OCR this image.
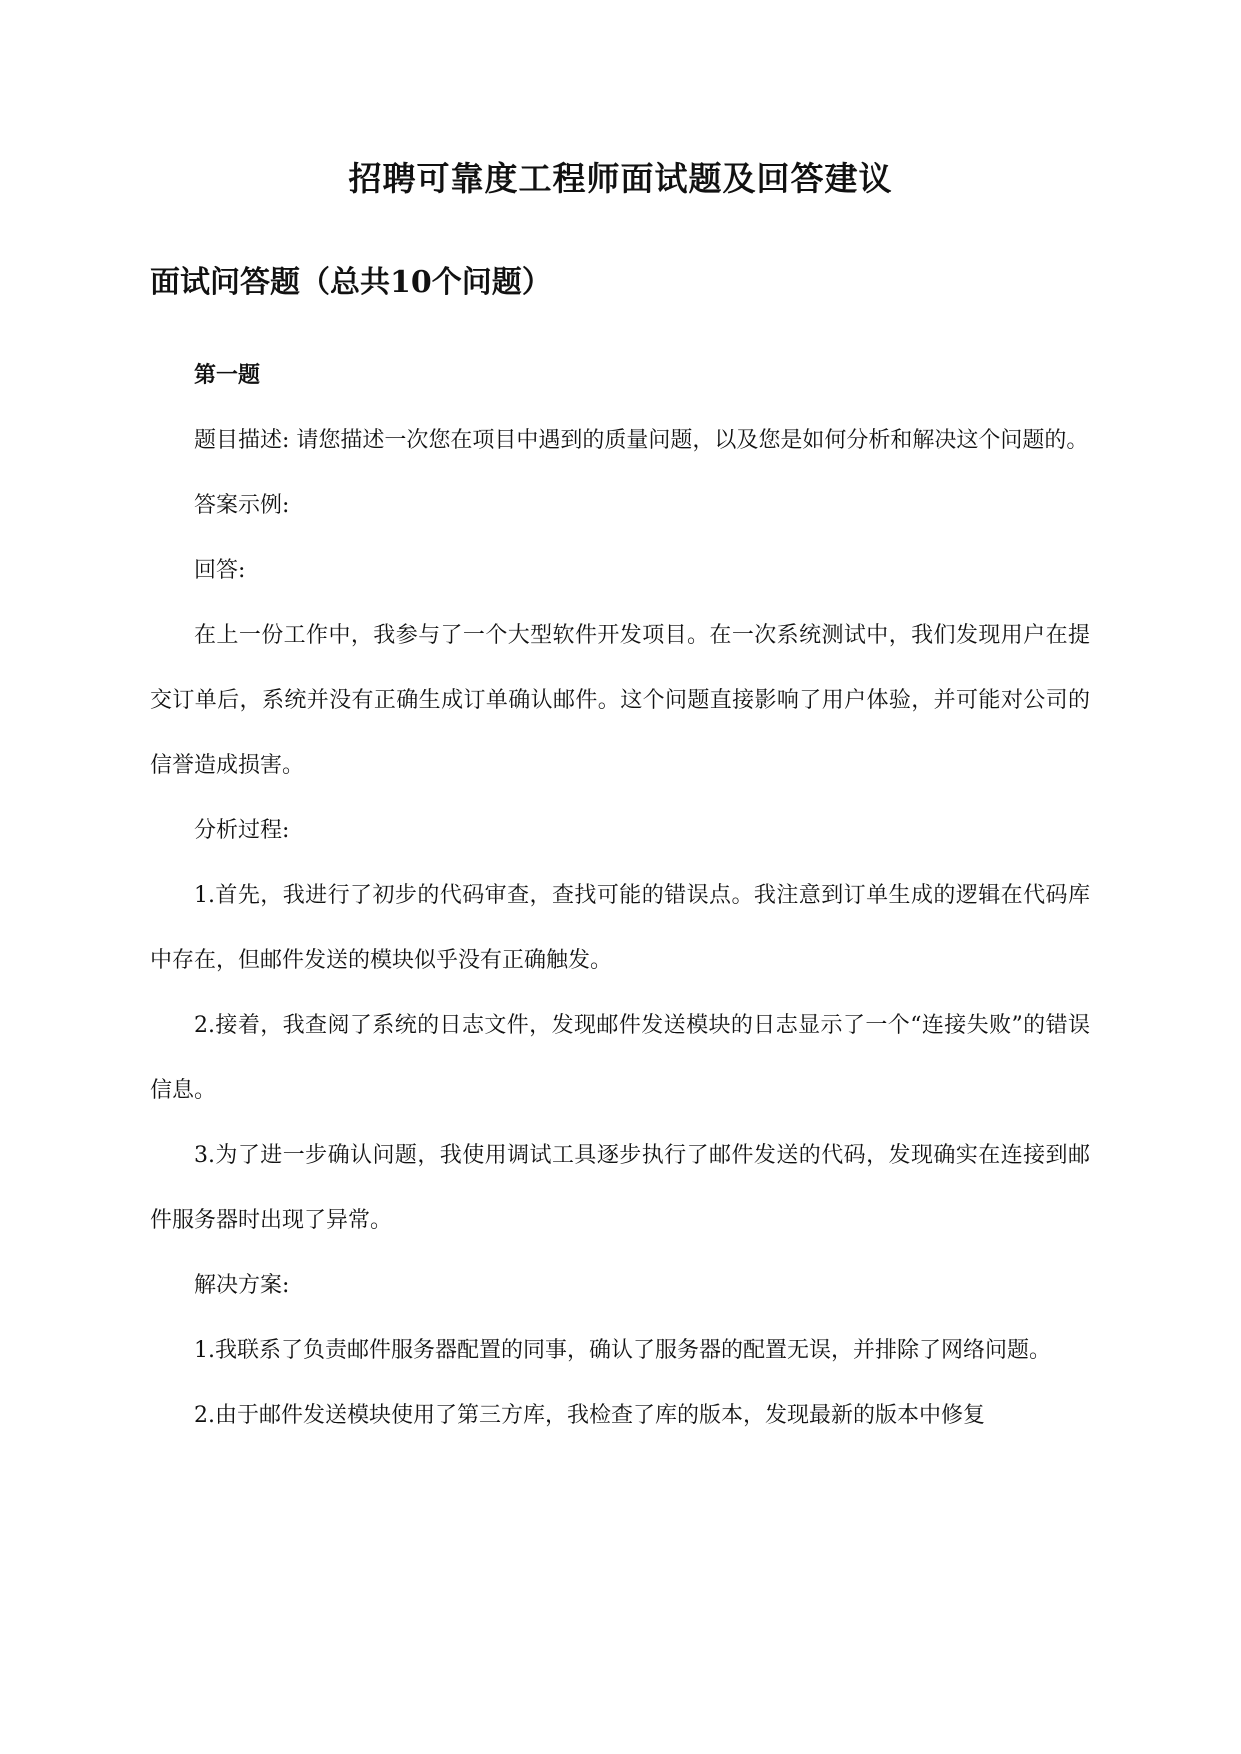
招聘可靠度工程师面试题及回答建议
面试问答题（总共10个问题）

第一题

题目描述: 请您描述一次您在项目中遇到的质量问题，以及您是如何分析和解决这个问题的。

答案示例:

回答:

在上一份工作中，我参与了一个大型软件开发项目。在一次系统测试中，我们发现用户在提交订单后，系统并没有正确生成订单确认邮件。这个问题直接影响了用户体验，并可能对公司的信誉造成损害。

分析过程:

1.首先，我进行了初步的代码审查，查找可能的错误点。我注意到订单生成的逻辑在代码库中存在，但邮件发送的模块似乎没有正确触发。

2.接着，我查阅了系统的日志文件，发现邮件发送模块的日志显示了一个“连接失败”的错误信息。

3.为了进一步确认问题，我使用调试工具逐步执行了邮件发送的代码，发现确实在连接到邮件服务器时出现了异常。

解决方案:

1.我联系了负责邮件服务器配置的同事，确认了服务器的配置无误，并排除了网络问题。

2.由于邮件发送模块使用了第三方库，我检查了库的版本，发现最新的版本中修复
